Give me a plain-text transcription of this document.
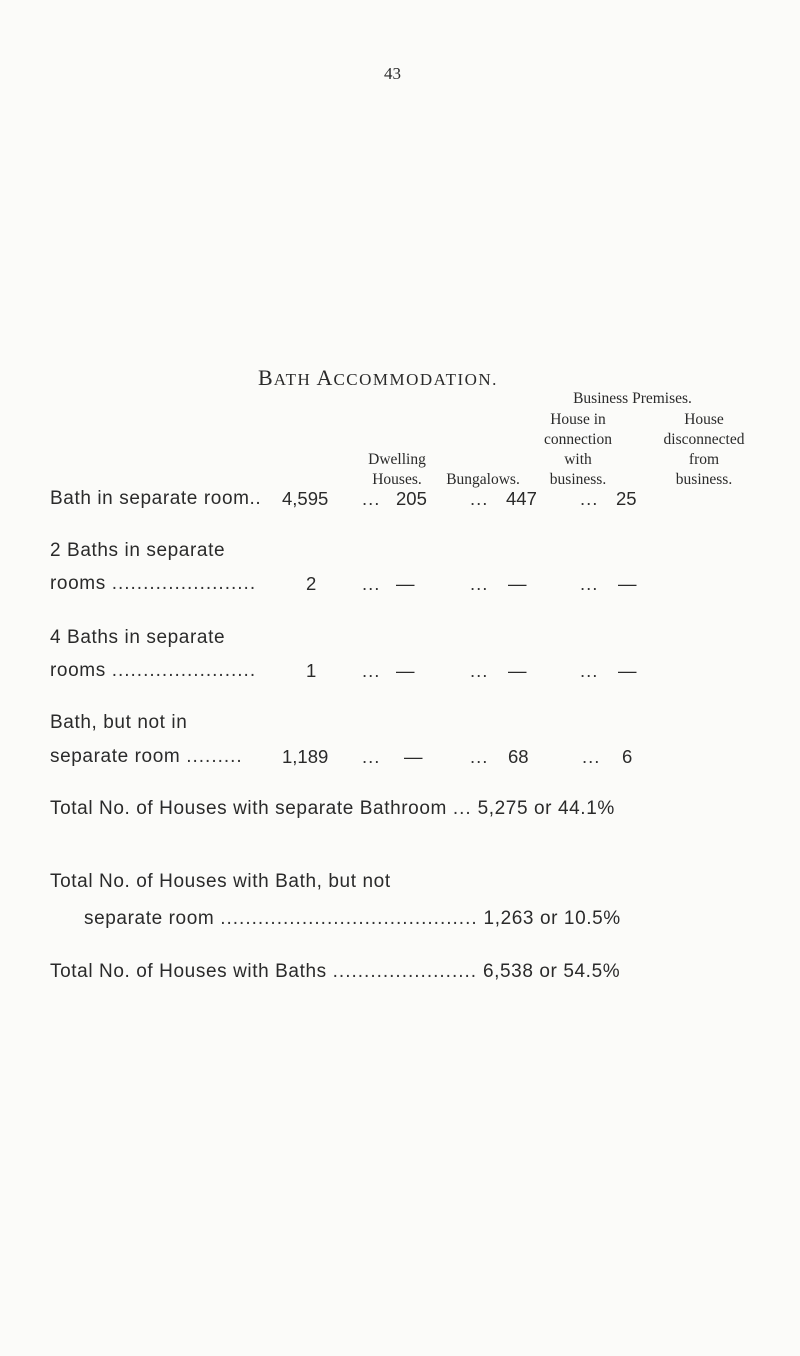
43
BATH ACCOMMODATION.
Business Premises.
Dwelling
Houses.	Bungalows.
House in
connection
with
business.
House
disconnected
from
business.
Bath in separate room.. 4,595 ... 205 ... 447 ... 25
2 Baths in separate
rooms .......................	2 ... —	... —	... —
4 Baths in separate
rooms .......................	1 ... —	... —	... —
Bath, but not in
separate room ......... 1,189 ... —	... 68	... 6
Total No. of Houses with separate Bathroom ... 5,275 or 44.1%
Total No. of Houses with Bath, but not
separate room ......................................... 1,263 or 10.5%
Total No. of Houses with Baths ....................... 6,538 or 54.5%
